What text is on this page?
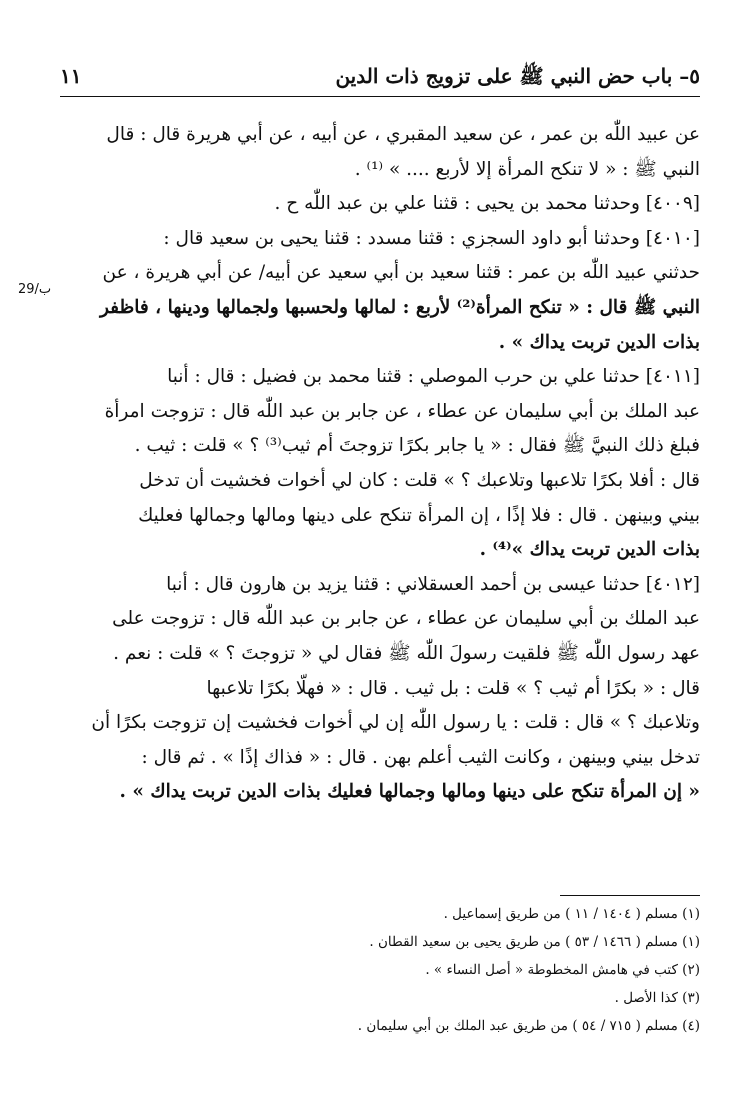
٥– باب حض النبي ﷺ على تزويج ذات الدين
١١
29/ب

عن عبيد اللّٰه بن عمر ، عن سعيد المقبري ، عن أبيه ، عن أبي هريرة قال : قال

النبي ﷺ : « لا تنكح المرأة إلا لأربع .... » ⁽¹⁾ .

[٤٠٠٩] وحدثنا محمد بن يحيى : قثنا علي بن عبد اللّٰه ح .

[٤٠١٠] وحدثنا أبو داود السجزي : قثنا مسدد : قثنا يحيى بن سعيد قال :

حدثني عبيد اللّٰه بن عمر : قثنا سعيد بن أبي سعيد عن أبيه/ عن أبي هريرة ، عن

النبي ﷺ قال : « تنكح المرأة⁽²⁾ لأربع : لمالها ولحسبها ولجمالها ودينها ، فاظفر

بذات الدين تربت يداك » .

[٤٠١١] حدثنا علي بن حرب الموصلي : قثنا محمد بن فضيل : قال : أنبا

عبد الملك بن أبي سليمان عن عطاء ، عن جابر بن عبد اللّٰه قال : تزوجت امرأة

فبلغ ذلك النبيَّ ﷺ فقال : « يا جابر بكرًا تزوجتَ أم ثيب⁽³⁾ ؟ » قلت : ثيب .

قال : أفلا بكرًا تلاعبها وتلاعبك ؟ » قلت : كان لي أخوات فخشيت أن تدخل

بيني وبينهن . قال : فلا إذًا ، إن المرأة تنكح على دينها ومالها وجمالها فعليك

بذات الدين تربت يداك »⁽⁴⁾ .

[٤٠١٢] حدثنا عيسى بن أحمد العسقلاني : قثنا يزيد بن هارون قال : أنبا

عبد الملك بن أبي سليمان عن عطاء ، عن جابر بن عبد اللّٰه قال : تزوجت على

عهد رسول اللّٰه ﷺ فلقيت رسولَ اللّٰه ﷺ فقال لي « تزوجتَ ؟ » قلت : نعم .

قال : « بكرًا أم ثيب ؟ » قلت : بل ثيب . قال : « فهلّا بكرًا تلاعبها

وتلاعبك ؟ » قال : قلت : يا رسول اللّٰه إن لي أخوات فخشيت إن تزوجت بكرًا أن

تدخل بيني وبينهن ، وكانت الثيب أعلم بهن . قال : « فذاك إذًا » . ثم قال :

« إن المرأة تنكح على دينها ومالها وجمالها فعليك بذات الدين تربت يداك » .

(١) مسلم ( ١٤٠٤ / ١١ ) من طريق إسماعيل .
(١) مسلم ( ١٤٦٦ / ٥٣ ) من طريق يحيى بن سعيد القطان .
(٢) كتب في هامش المخطوطة « أصل النساء » .
(٣) كذا الأصل .
(٤) مسلم ( ٧١٥ / ٥٤ ) من طريق عبد الملك بن أبي سليمان .
